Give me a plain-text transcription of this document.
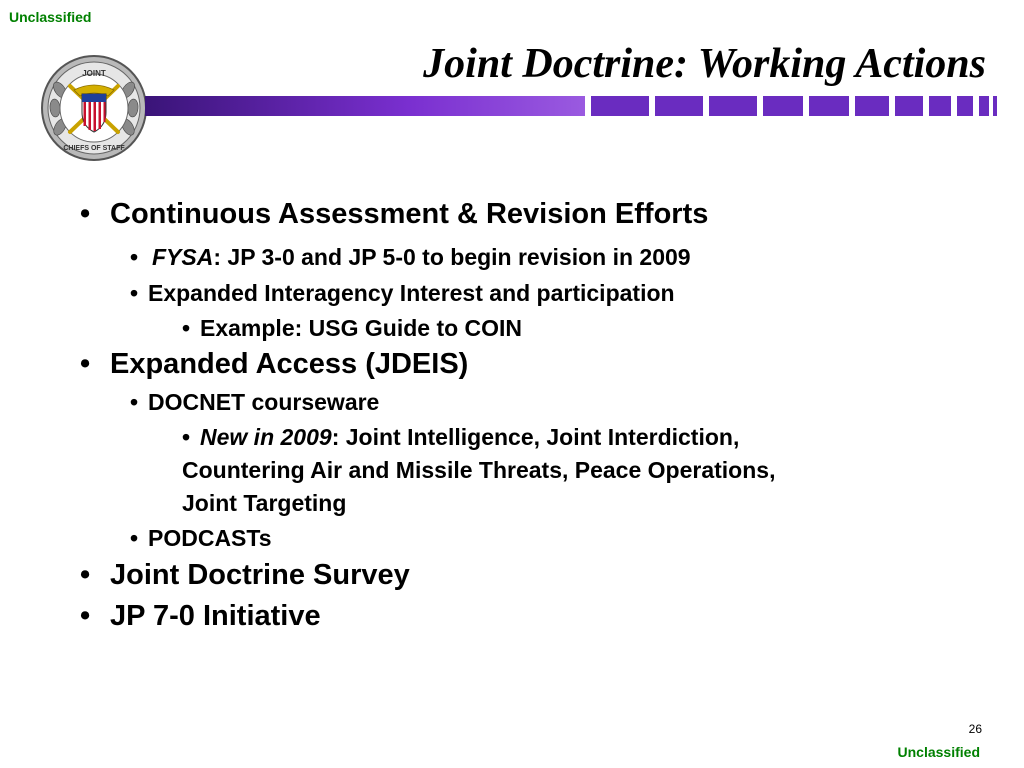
Unclassified
JOINT
CHIEFS OF STAFF
Joint Doctrine: Working Actions
• Continuous Assessment & Revision Efforts
• FYSA: JP 3-0 and JP 5-0 to begin revision in 2009
• Expanded Interagency Interest and participation
• Example: USG Guide to COIN
• Expanded Access (JDEIS)
• DOCNET courseware
• New in 2009: Joint Intelligence, Joint Interdiction,
Countering Air and Missile Threats, Peace Operations,
Joint Targeting
• PODCASTs
• Joint Doctrine Survey
• JP 7-0 Initiative
26
Unclassified
